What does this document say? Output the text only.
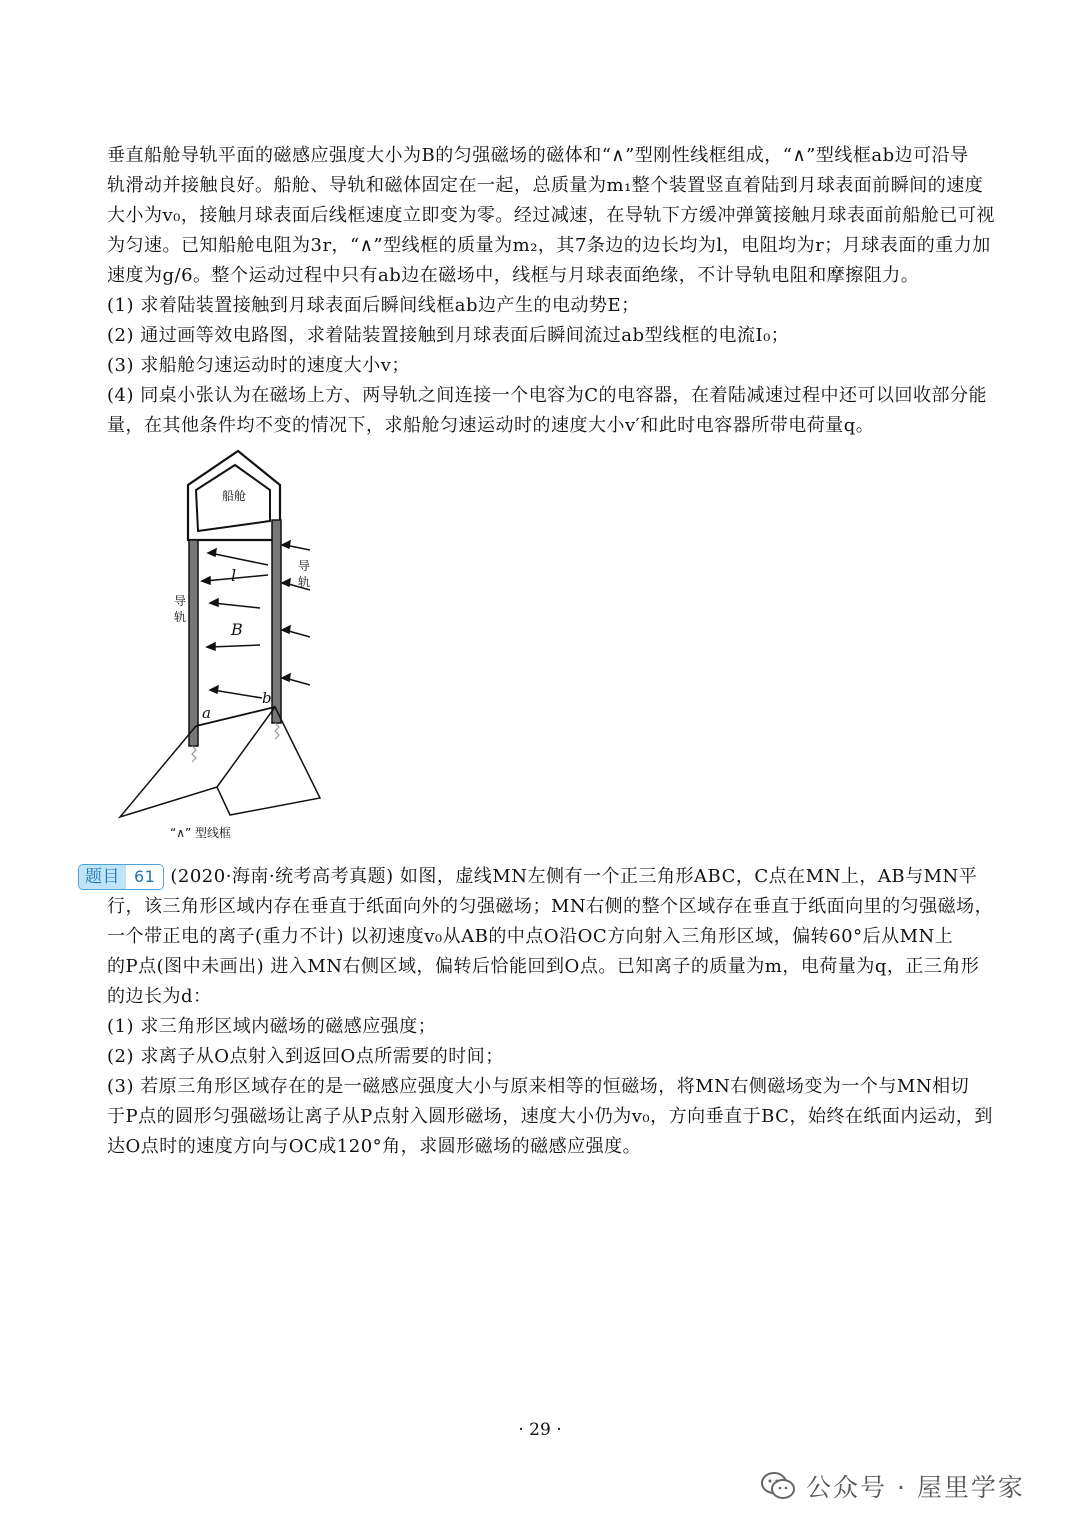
垂直船舱导轨平面的磁感应强度大小为B的匀强磁场的磁体和“∧”型刚性线框组成，“∧”型线框ab边可沿导
轨滑动并接触良好。船舱、导轨和磁体固定在一起，总质量为m₁整个装置竖直着陆到月球表面前瞬间的速度
大小为v₀，接触月球表面后线框速度立即变为零。经过减速，在导轨下方缓冲弹簧接触月球表面前船舱已可视
为匀速。已知船舱电阻为3r，“∧”型线框的质量为m₂，其7条边的边长均为l，电阻均为r；月球表面的重力加
速度为g/6。整个运动过程中只有ab边在磁场中，线框与月球表面绝缘，不计导轨电阻和摩擦阻力。
(1) 求着陆装置接触到月球表面后瞬间线框ab边产生的电动势E；
(2) 通过画等效电路图，求着陆装置接触到月球表面后瞬间流过ab型线框的电流I₀；
(3) 求船舱匀速运动时的速度大小v；
(4) 同桌小张认为在磁场上方、两导轨之间连接一个电容为C的电容器，在着陆减速过程中还可以回收部分能
量，在其他条件均不变的情况下，求船舱匀速运动时的速度大小v′和此时电容器所带电荷量q。
船舱
导轨
导轨
l
B
a
b
“∧” 型线框
题目 61 (2020·海南·统考高考真题) 如图，虚线MN左侧有一个正三角形ABC，C点在MN上，AB与MN平
行，该三角形区域内存在垂直于纸面向外的匀强磁场；MN右侧的整个区域存在垂直于纸面向里的匀强磁场，
一个带正电的离子(重力不计) 以初速度v₀从AB的中点O沿OC方向射入三角形区域，偏转60°后从MN上
的P点(图中未画出) 进入MN右侧区域，偏转后恰能回到O点。已知离子的质量为m，电荷量为q，正三角形
的边长为d：
(1) 求三角形区域内磁场的磁感应强度；
(2) 求离子从O点射入到返回O点所需要的时间；
(3) 若原三角形区域存在的是一磁感应强度大小与原来相等的恒磁场，将MN右侧磁场变为一个与MN相切
于P点的圆形匀强磁场让离子从P点射入圆形磁场，速度大小仍为v₀，方向垂直于BC，始终在纸面内运动，到
达O点时的速度方向与OC成120°角，求圆形磁场的磁感应强度。
· 29 ·
公众号 · 屋里学家
